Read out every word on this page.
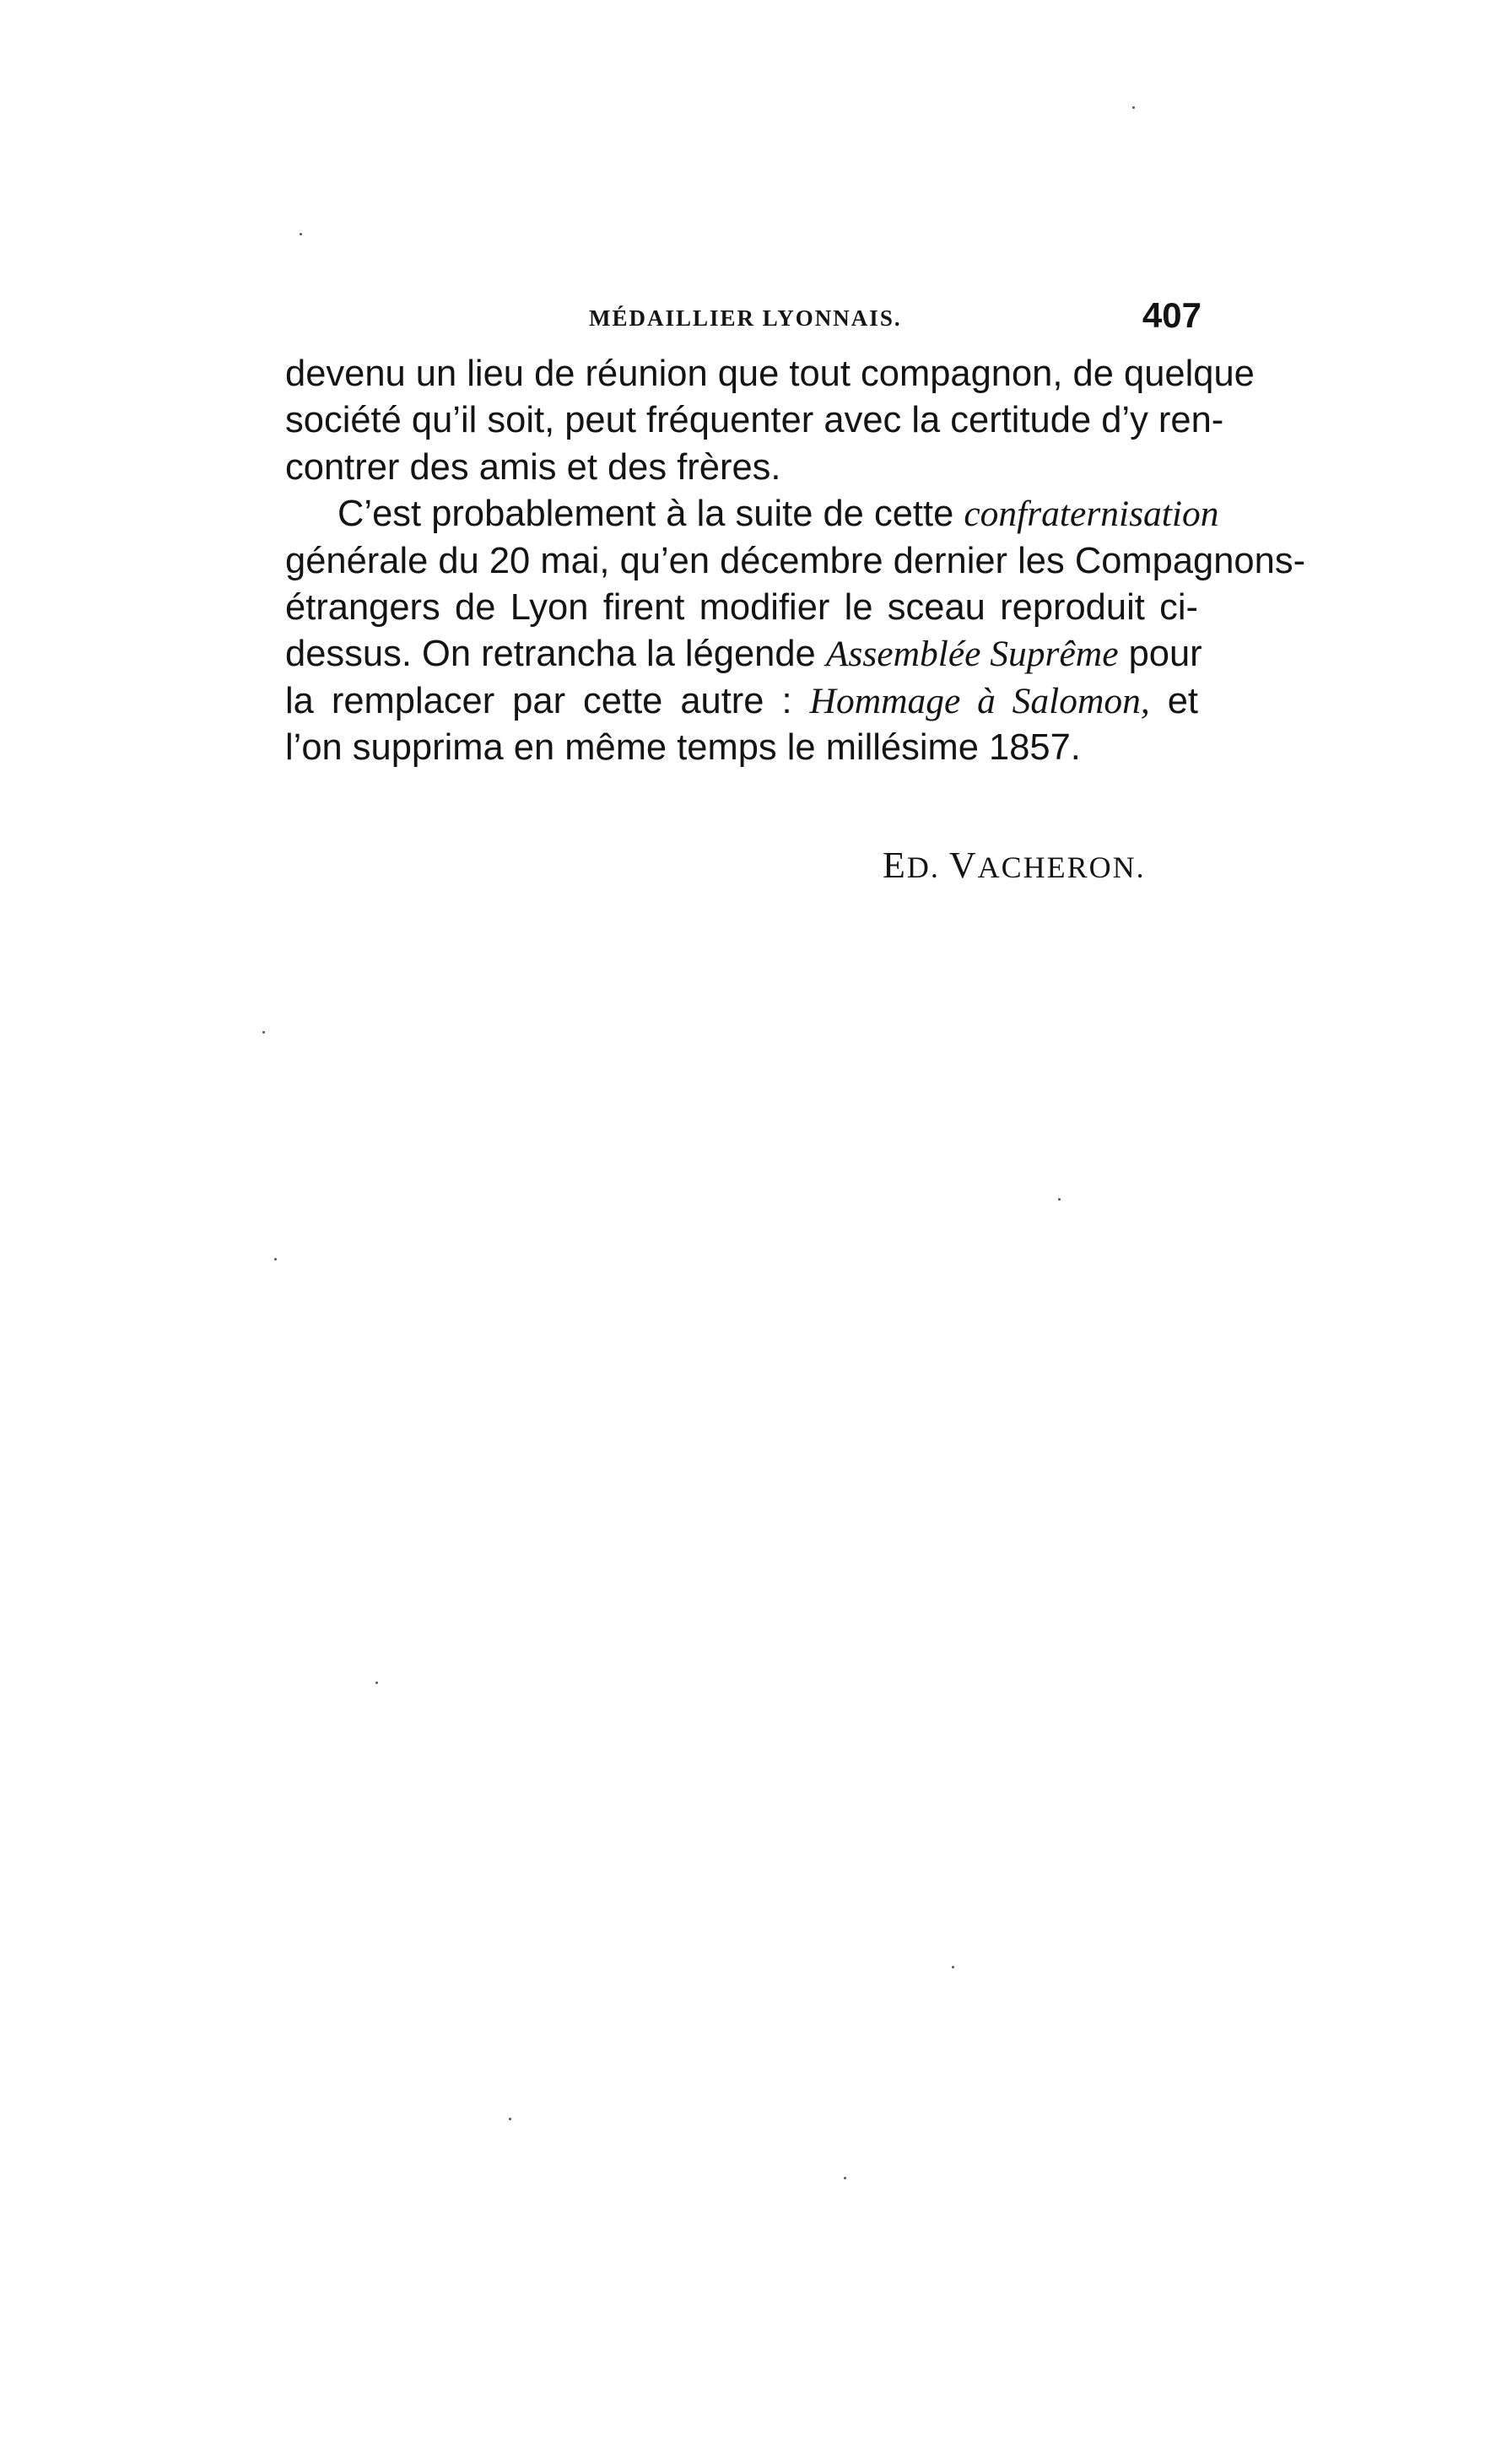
MÉDAILLIER LYONNAIS.	407
devenu un lieu de réunion que tout compagnon, de quelque
société qu’il soit, peut fréquenter avec la certitude d’y ren-
contrer des amis et des frères.
C’est probablement à la suite de cette confraternisation
générale du 20 mai, qu’en décembre dernier les Compagnons-
étrangers de Lyon firent modifier le sceau reproduit ci-
dessus. On retrancha la légende Assemblée Suprême pour
la remplacer par cette autre : Hommage à Salomon, et
l’on supprima en même temps le millésime 1857.
ED. VACHERON.
